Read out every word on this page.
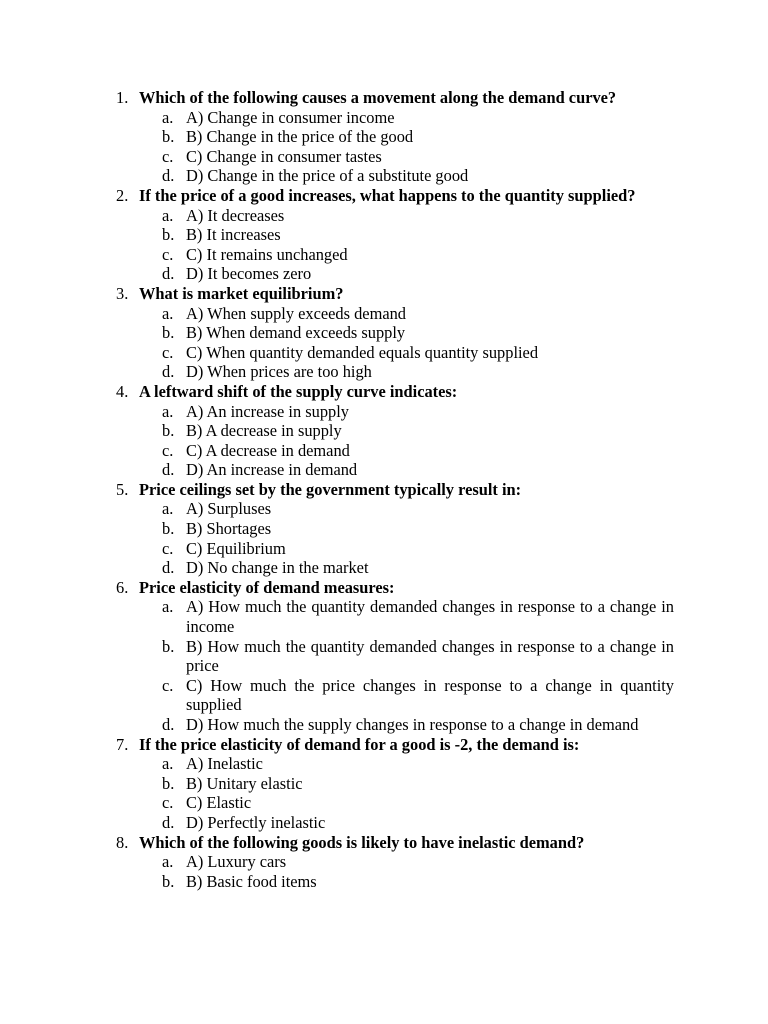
1. Which of the following causes a movement along the demand curve?
a. A) Change in consumer income
b. B) Change in the price of the good
c. C) Change in consumer tastes
d. D) Change in the price of a substitute good
2. If the price of a good increases, what happens to the quantity supplied?
a. A) It decreases
b. B) It increases
c. C) It remains unchanged
d. D) It becomes zero
3. What is market equilibrium?
a. A) When supply exceeds demand
b. B) When demand exceeds supply
c. C) When quantity demanded equals quantity supplied
d. D) When prices are too high
4. A leftward shift of the supply curve indicates:
a. A) An increase in supply
b. B) A decrease in supply
c. C) A decrease in demand
d. D) An increase in demand
5. Price ceilings set by the government typically result in:
a. A) Surpluses
b. B) Shortages
c. C) Equilibrium
d. D) No change in the market
6. Price elasticity of demand measures:
a. A) How much the quantity demanded changes in response to a change in income
b. B) How much the quantity demanded changes in response to a change in price
c. C) How much the price changes in response to a change in quantity supplied
d. D) How much the supply changes in response to a change in demand
7. If the price elasticity of demand for a good is -2, the demand is:
a. A) Inelastic
b. B) Unitary elastic
c. C) Elastic
d. D) Perfectly inelastic
8. Which of the following goods is likely to have inelastic demand?
a. A) Luxury cars
b. B) Basic food items
